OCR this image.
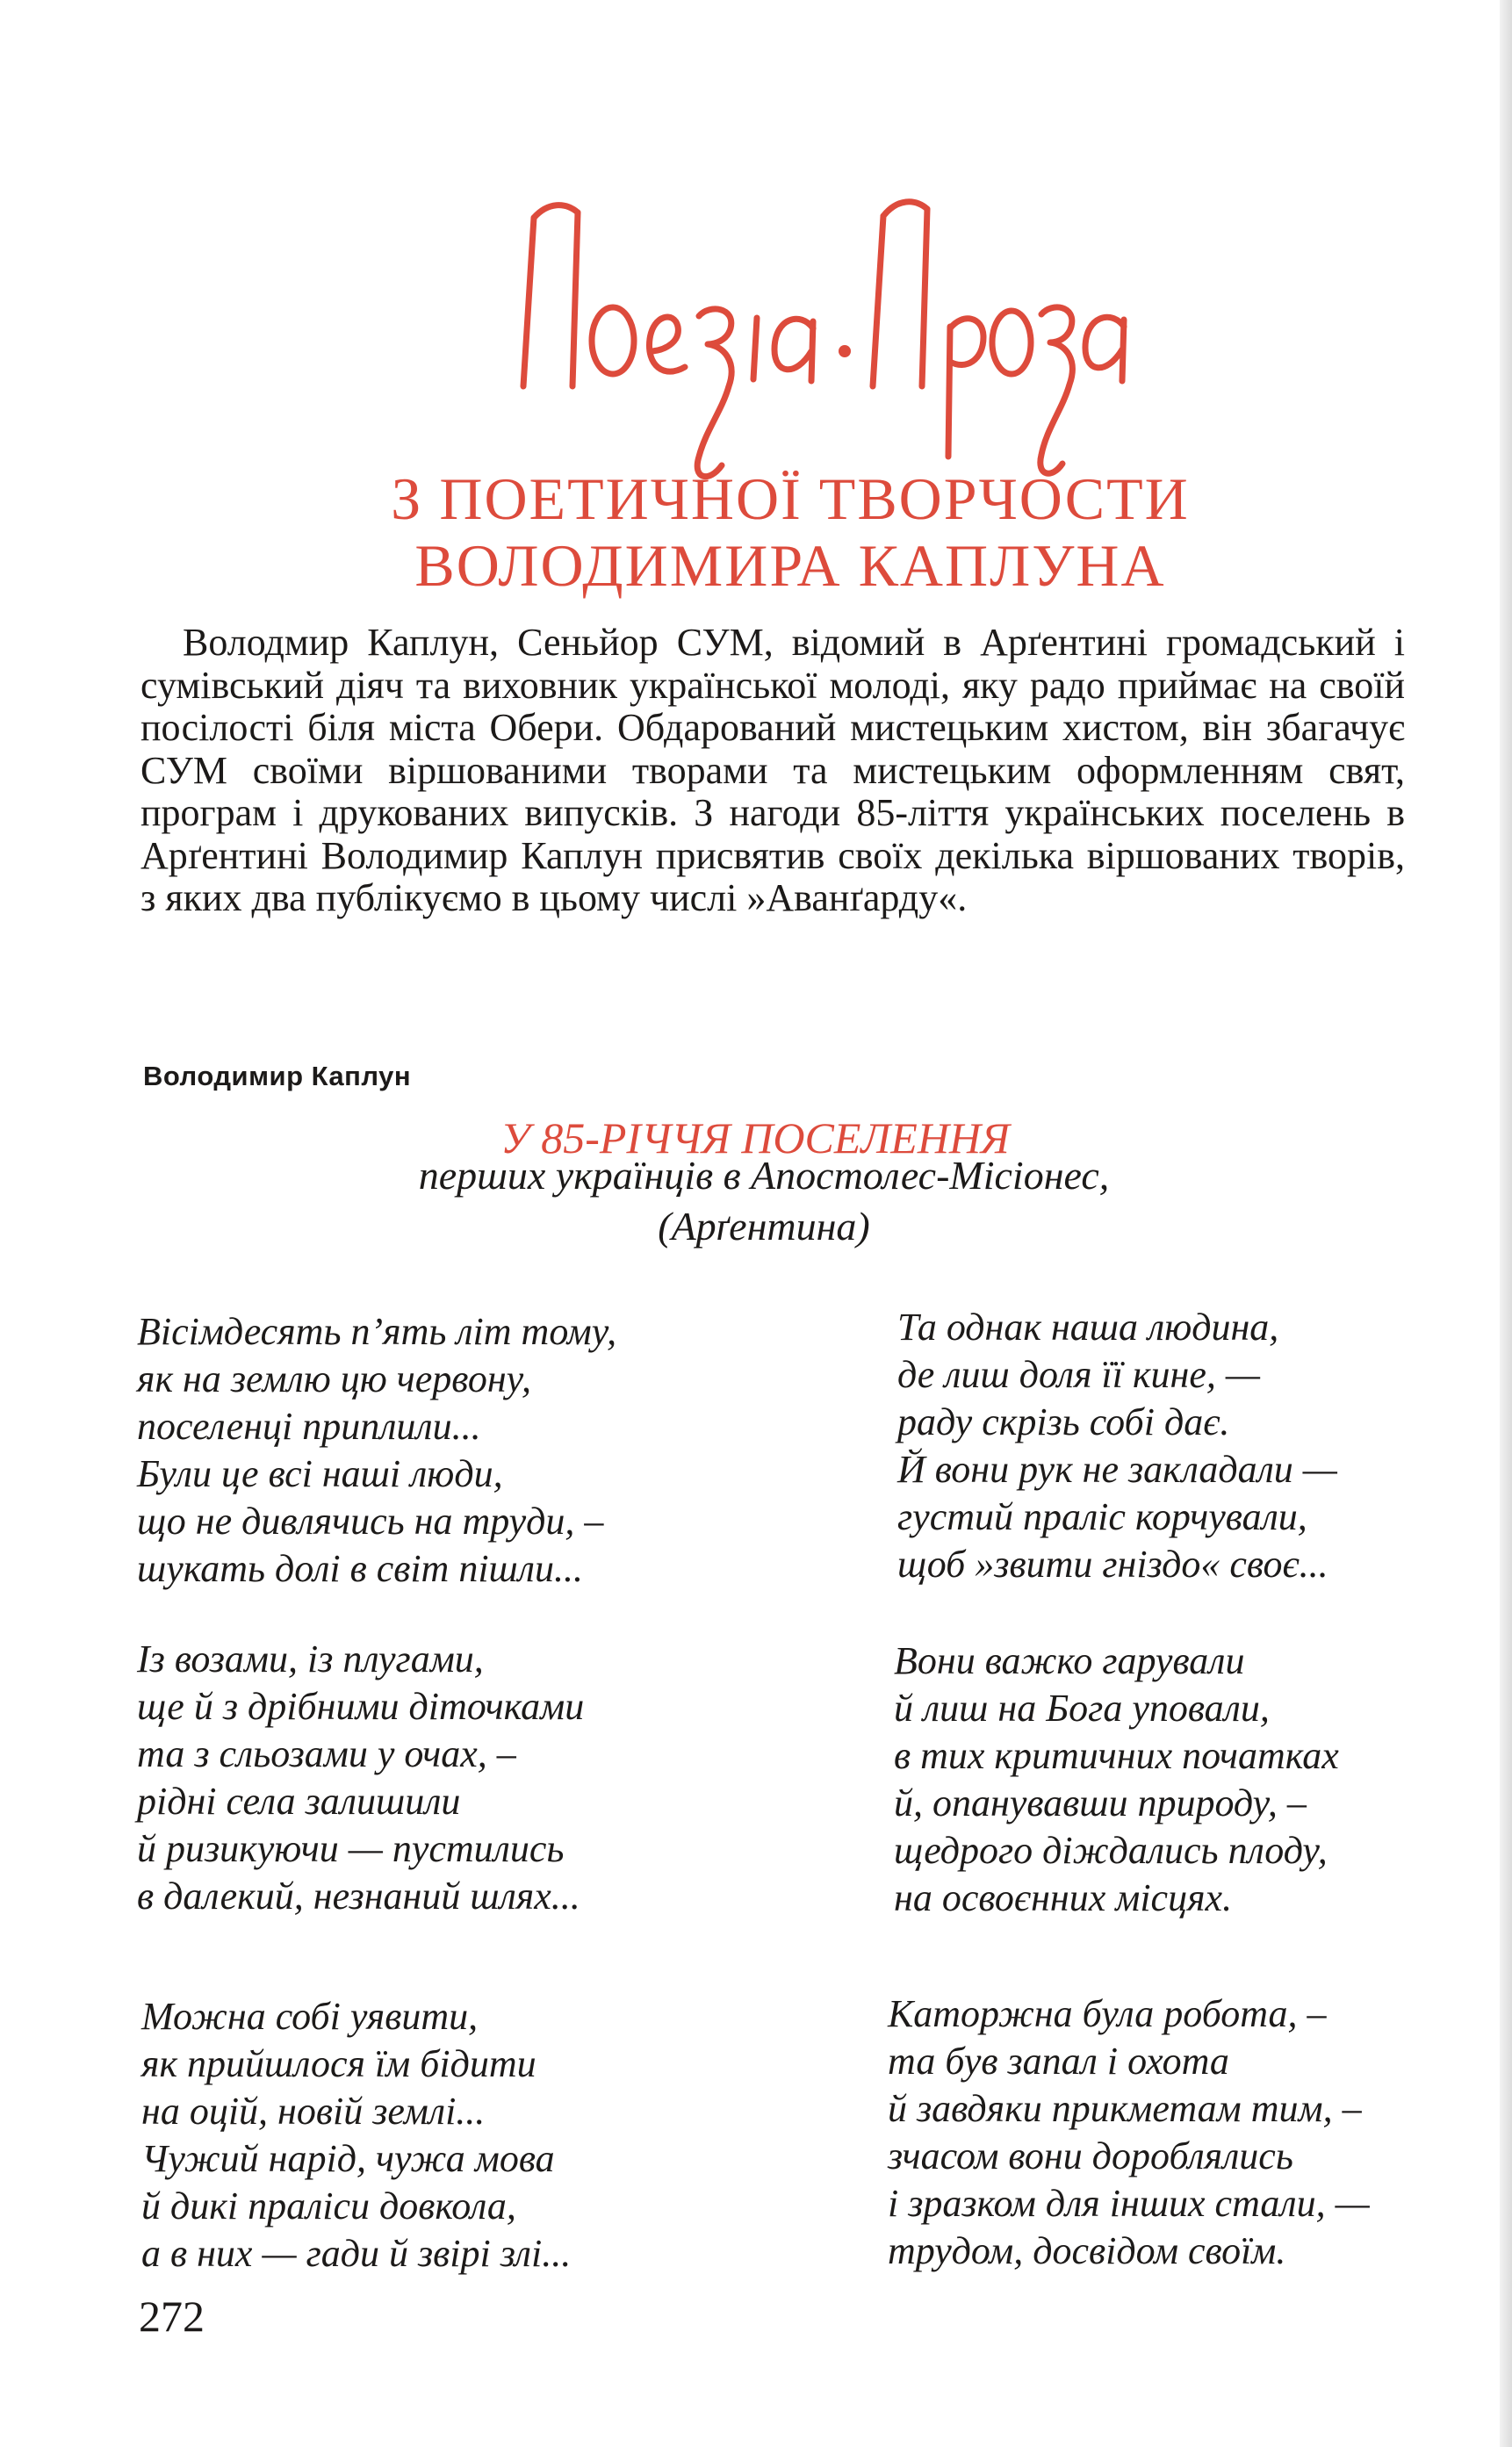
З ПОЕТИЧНОЇ ТВОРЧОСТИ
ВОЛОДИМИРА КАПЛУНА

Володмир Каплун, Сеньйор СУМ, відомий в Арґентині громадський і сумівський діяч та виховник української молоді, яку радо приймає на своїй посілості біля міста Обери. Обдарований мистецьким хистом, він збагачує СУМ своїми віршованими творами та мистецьким оформленням свят, програм і друкованих випусків. З нагоди 85-ліття українських поселень в Арґентині Володимир Каплун присвятив своїх декілька віршованих творів, з яких два публікуємо в цьому числі »Аванґарду«.

Володимир Каплун
У 85-РІЧЧЯ ПОСЕЛЕННЯ
перших українців в Апостолес-Місіонес,
(Арґентина)
Вісімдесять п’ять літ тому,
як на землю цю червону,
поселенці приплили...
Були це всі наші люди,
що не дивлячись на труди, –
шукать долі в світ пішли...
Та однак наша людина,
де лиш доля її кине, —
раду скрізь собі дає.
Й вони рук не закладали —
густий праліс корчували,
щоб »звити гніздо« своє...
Із возами, із плугами,
ще й з дрібними діточками
та з сльозами у очах, –
рідні села залишили
й ризикуючи — пустились
в далекий, незнаний шлях...
Вони важко гарували
й лиш на Бога уповали,
в тих критичних початках
й, опанувавши природу, –
щедрого діждались плоду,
на освоєнних місцях.
Можна собі уявити,
як прийшлося їм бідити
на оцій, новій землі...
Чужий нарід, чужа мова
й дикі праліси довкола,
а в них — гади й звірі злі...
Каторжна була робота, –
та був запал і охота
й завдяки прикметам тим, –
зчасом вони дороблялись
і зразком для інших стали, —
трудом, досвідом своїм.
272
